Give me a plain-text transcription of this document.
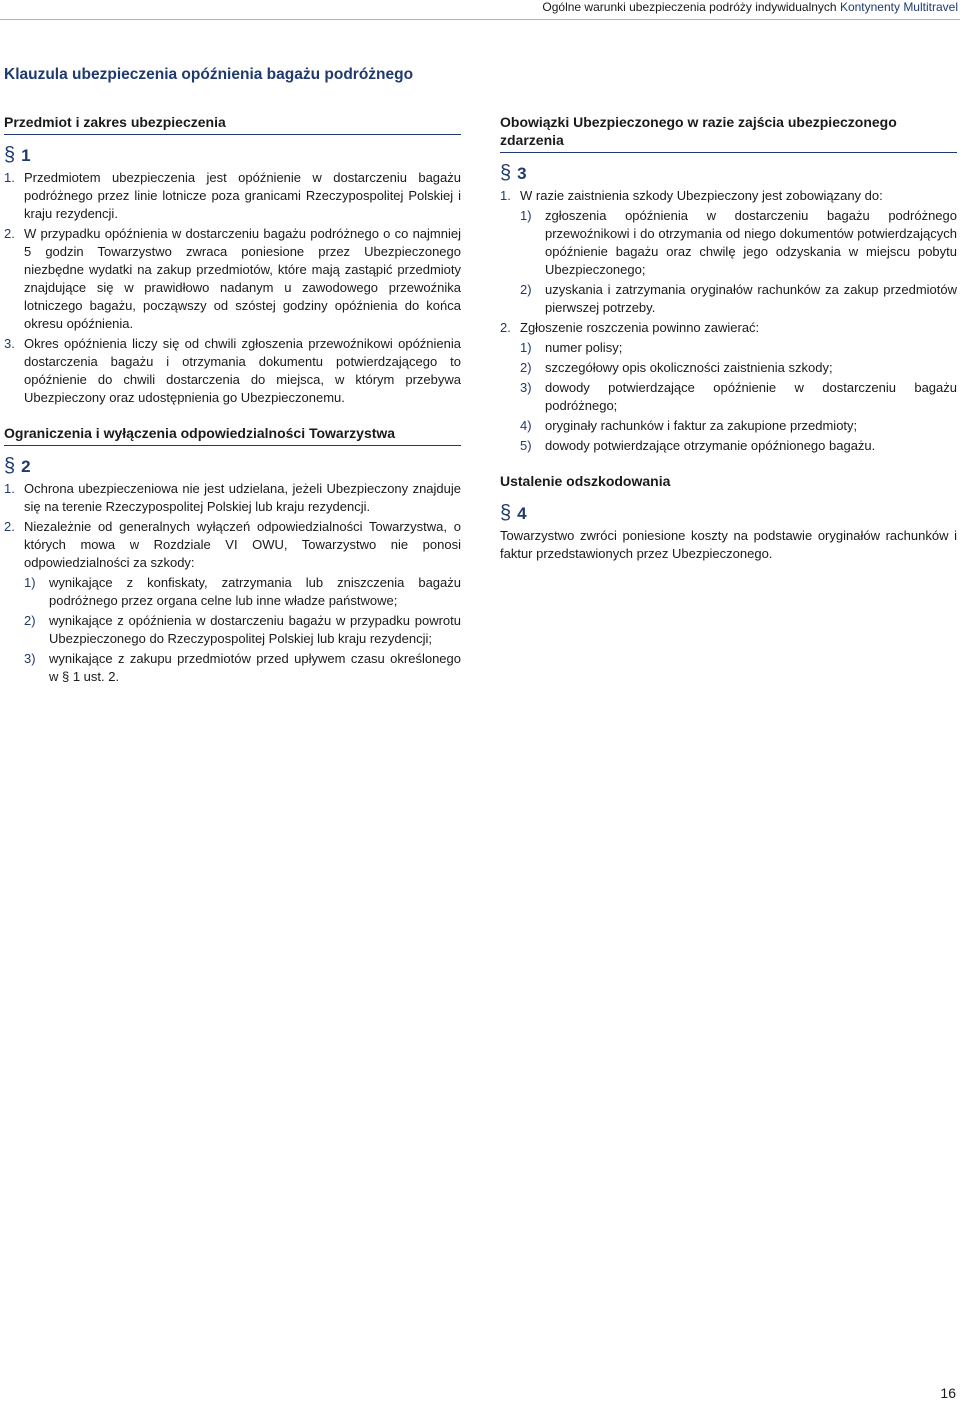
Ogólne warunki ubezpieczenia podróży indywidualnych Kontynenty Multitravel
Klauzula ubezpieczenia opóźnienia bagażu podróżnego
Przedmiot i zakres ubezpieczenia
§ 1
1. Przedmiotem ubezpieczenia jest opóźnienie w dostarczeniu bagażu podróżnego przez linie lotnicze poza granicami Rzeczypospolitej Polskiej i kraju rezydencji.
2. W przypadku opóźnienia w dostarczeniu bagażu podróżnego o co najmniej 5 godzin Towarzystwo zwraca poniesione przez Ubezpieczonego niezbędne wydatki na zakup przedmiotów, które mają zastąpić przedmioty znajdujące się w prawidłowo nadanym u zawodowego przewoźnika lotniczego bagażu, począwszy od szóstej godziny opóźnienia do końca okresu opóźnienia.
3. Okres opóźnienia liczy się od chwili zgłoszenia przewoźnikowi opóźnienia dostarczenia bagażu i otrzymania dokumentu potwierdzającego to opóźnienie do chwili dostarczenia do miejsca, w którym przebywa Ubezpieczony oraz udostępnienia go Ubezpieczonemu.
Ograniczenia i wyłączenia odpowiedzialności Towarzystwa
§ 2
1. Ochrona ubezpieczeniowa nie jest udzielana, jeżeli Ubezpieczony znajduje się na terenie Rzeczypospolitej Polskiej lub kraju rezydencji.
2. Niezależnie od generalnych wyłączeń odpowiedzialności Towarzystwa, o których mowa w Rozdziale VI OWU, Towarzystwo nie ponosi odpowiedzialności za szkody:
1)	wynikające z konfiskaty, zatrzymania lub zniszczenia bagażu podróżnego przez organa celne lub inne władze państwowe;
2)	wynikające z opóźnienia w dostarczeniu bagażu w przypadku powrotu Ubezpieczonego do Rzeczypospolitej Polskiej lub kraju rezydencji;
3)	wynikające z zakupu przedmiotów przed upływem czasu określonego w § 1 ust. 2.
Obowiązki Ubezpieczonego w razie zajścia ubezpieczonego zdarzenia
§ 3
1. W razie zaistnienia szkody Ubezpieczony jest zobowiązany do:
1)	zgłoszenia opóźnienia w dostarczeniu bagażu podróżnego przewoźnikowi i do otrzymania od niego dokumentów potwierdzających opóźnienie bagażu oraz chwilę jego odzyskania w miejscu pobytu Ubezpieczonego;
2)	uzyskania i zatrzymania oryginałów rachunków za zakup przedmiotów pierwszej potrzeby.
2. Zgłoszenie roszczenia powinno zawierać:
1)	numer polisy;
2)	szczegółowy opis okoliczności zaistnienia szkody;
3)	dowody potwierdzające opóźnienie w dostarczeniu bagażu podróżnego;
4)	oryginały rachunków i faktur za zakupione przedmioty;
5)	dowody potwierdzające otrzymanie opóźnionego bagażu.
Ustalenie odszkodowania
§ 4

Towarzystwo zwróci poniesione koszty na podstawie oryginałów rachunków i faktur przedstawionych przez Ubezpieczonego.

16
